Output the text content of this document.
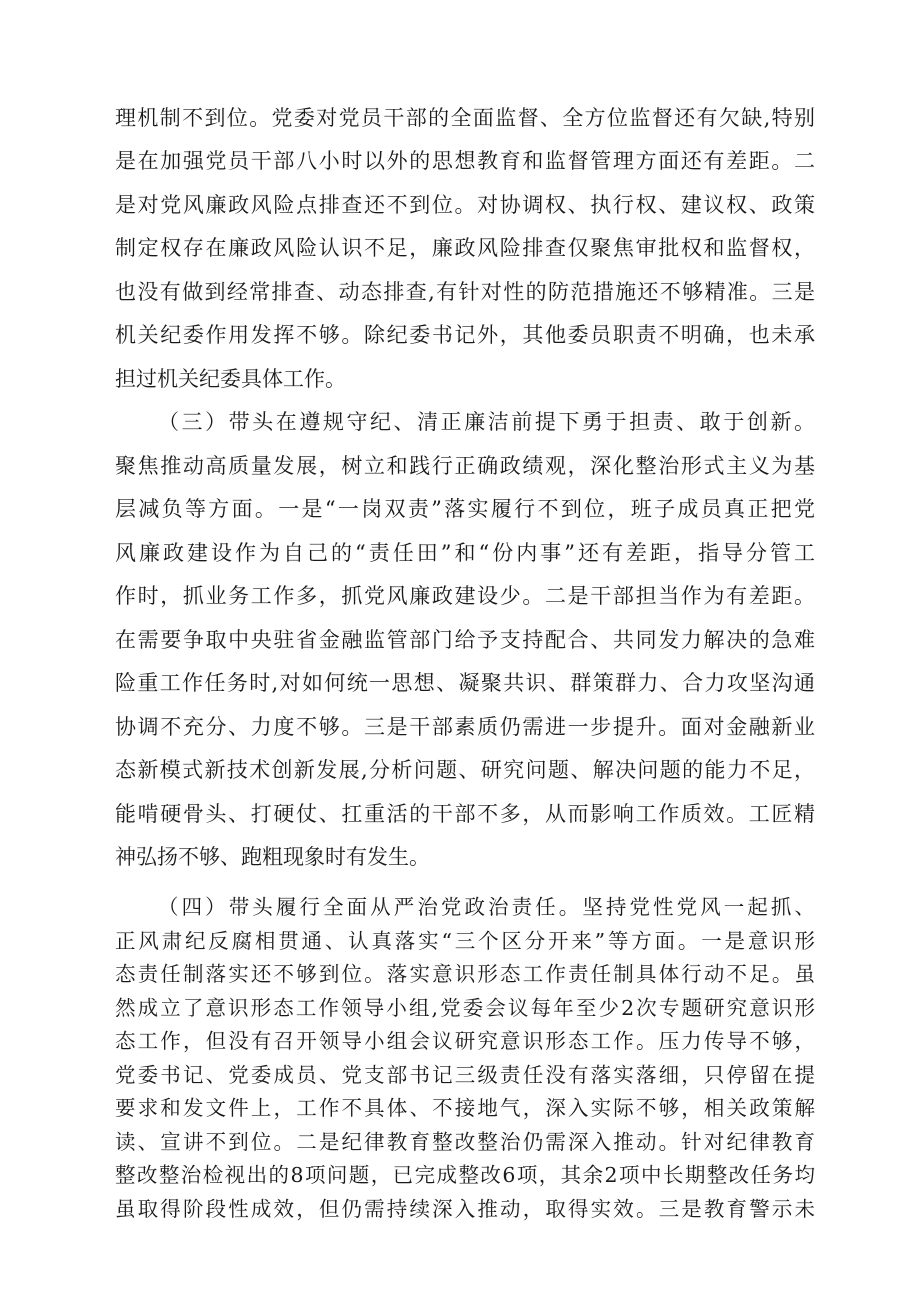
理机制不到位。党委对党员干部的全面监督、全方位监督还有欠缺,特别
是在加强党员干部八小时以外的思想教育和监督管理方面还有差距。二
是对党风廉政风险点排查还不到位。对协调权、执行权、建议权、政策
制定权存在廉政风险认识不足，廉政风险排查仅聚焦审批权和监督权，
也没有做到经常排查、动态排查,有针对性的防范措施还不够精准。三是
机关纪委作用发挥不够。除纪委书记外，其他委员职责不明确，也未承
担过机关纪委具体工作。
（三）带头在遵规守纪、清正廉洁前提下勇于担责、敢于创新。
聚焦推动高质量发展，树立和践行正确政绩观，深化整治形式主义为基
层减负等方面。一是“一岗双责”落实履行不到位，班子成员真正把党
风廉政建设作为自己的“责任田”和“份内事”还有差距，指导分管工
作时，抓业务工作多，抓党风廉政建设少。二是干部担当作为有差距。
在需要争取中央驻省金融监管部门给予支持配合、共同发力解决的急难
险重工作任务时,对如何统一思想、凝聚共识、群策群力、合力攻坚沟通
协调不充分、力度不够。三是干部素质仍需进一步提升。面对金融新业
态新模式新技术创新发展,分析问题、研究问题、解决问题的能力不足，
能啃硬骨头、打硬仗、扛重活的干部不多，从而影响工作质效。工匠精
神弘扬不够、跑粗现象时有发生。
（四）带头履行全面从严治党政治责任。坚持党性党风一起抓、
正风肃纪反腐相贯通、认真落实“三个区分开来”等方面。一是意识形
态责任制落实还不够到位。落实意识形态工作责任制具体行动不足。虽
然成立了意识形态工作领导小组,党委会议每年至少2次专题研究意识形
态工作，但没有召开领导小组会议研究意识形态工作。压力传导不够，
党委书记、党委成员、党支部书记三级责任没有落实落细，只停留在提
要求和发文件上，工作不具体、不接地气，深入实际不够，相关政策解
读、宣讲不到位。二是纪律教育整改整治仍需深入推动。针对纪律教育
整改整治检视出的8项问题，已完成整改6项，其余2项中长期整改任务均
虽取得阶段性成效，但仍需持续深入推动，取得实效。三是教育警示未
